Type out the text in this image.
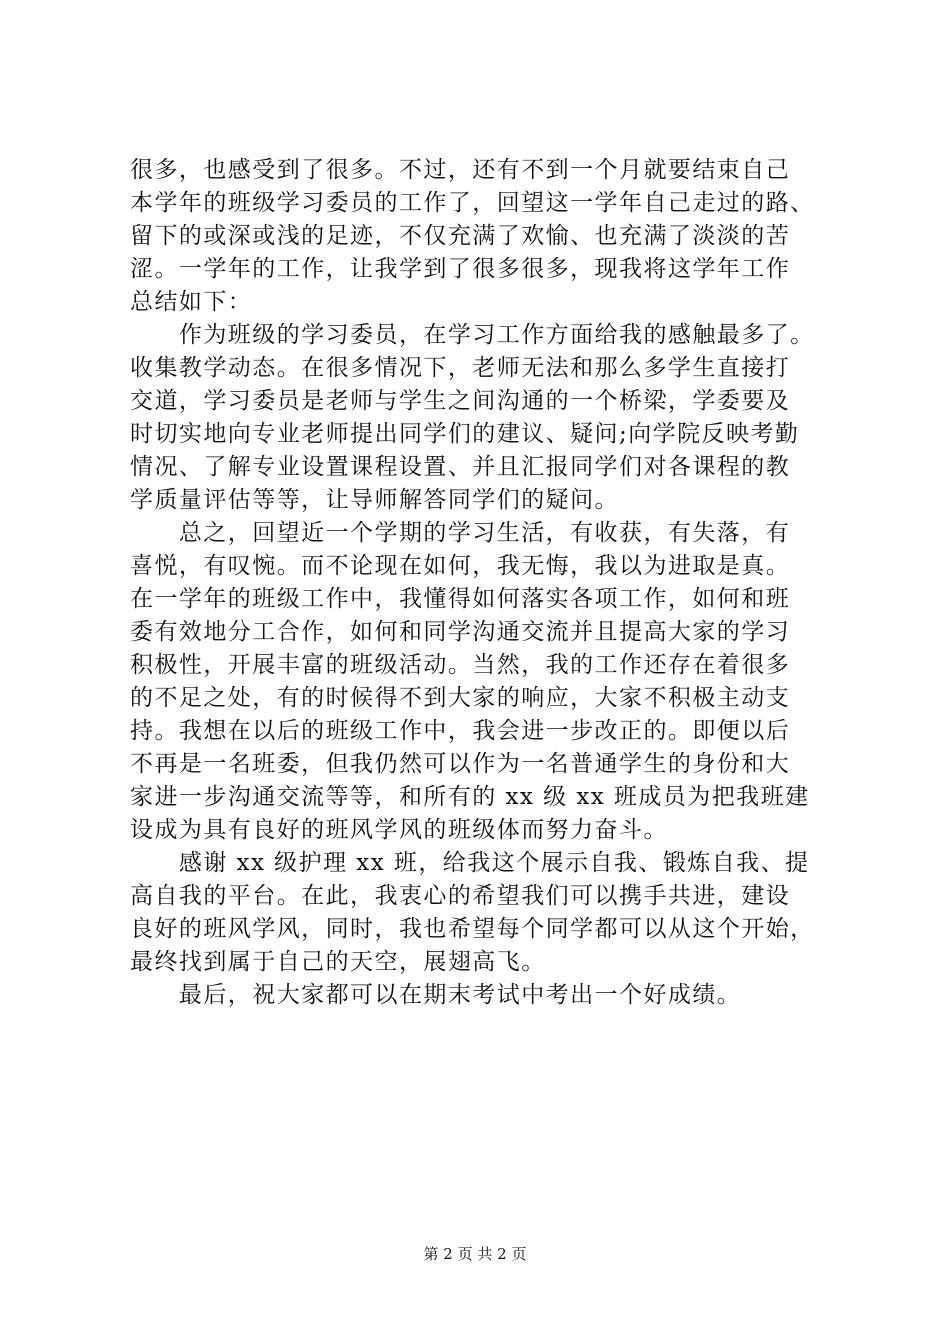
很多，也感受到了很多。不过，还有不到一个月就要结束自己
本学年的班级学习委员的工作了，回望这一学年自己走过的路、
留下的或深或浅的足迹，不仅充满了欢愉、也充满了淡淡的苦
涩。一学年的工作，让我学到了很多很多，现我将这学年工作
总结如下：
　　作为班级的学习委员，在学习工作方面给我的感触最多了。
收集教学动态。在很多情况下，老师无法和那么多学生直接打
交道，学习委员是老师与学生之间沟通的一个桥梁，学委要及
时切实地向专业老师提出同学们的建议、疑问;向学院反映考勤
情况、了解专业设置课程设置、并且汇报同学们对各课程的教
学质量评估等等，让导师解答同学们的疑问。
　　总之，回望近一个学期的学习生活，有收获，有失落，有
喜悦，有叹惋。而不论现在如何，我无悔，我以为进取是真。
在一学年的班级工作中，我懂得如何落实各项工作，如何和班
委有效地分工合作，如何和同学沟通交流并且提高大家的学习
积极性，开展丰富的班级活动。当然，我的工作还存在着很多
的不足之处，有的时候得不到大家的响应，大家不积极主动支
持。我想在以后的班级工作中，我会进一步改正的。即便以后
不再是一名班委，但我仍然可以作为一名普通学生的身份和大
家进一步沟通交流等等，和所有的 xx 级 xx 班成员为把我班建
设成为具有良好的班风学风的班级体而努力奋斗。
　　感谢 xx 级护理 xx 班，给我这个展示自我、锻炼自我、提
高自我的平台。在此，我衷心的希望我们可以携手共进，建设
良好的班风学风，同时，我也希望每个同学都可以从这个开始，
最终找到属于自己的天空，展翅高飞。
　　最后，祝大家都可以在期末考试中考出一个好成绩。
第 2 页 共 2 页
